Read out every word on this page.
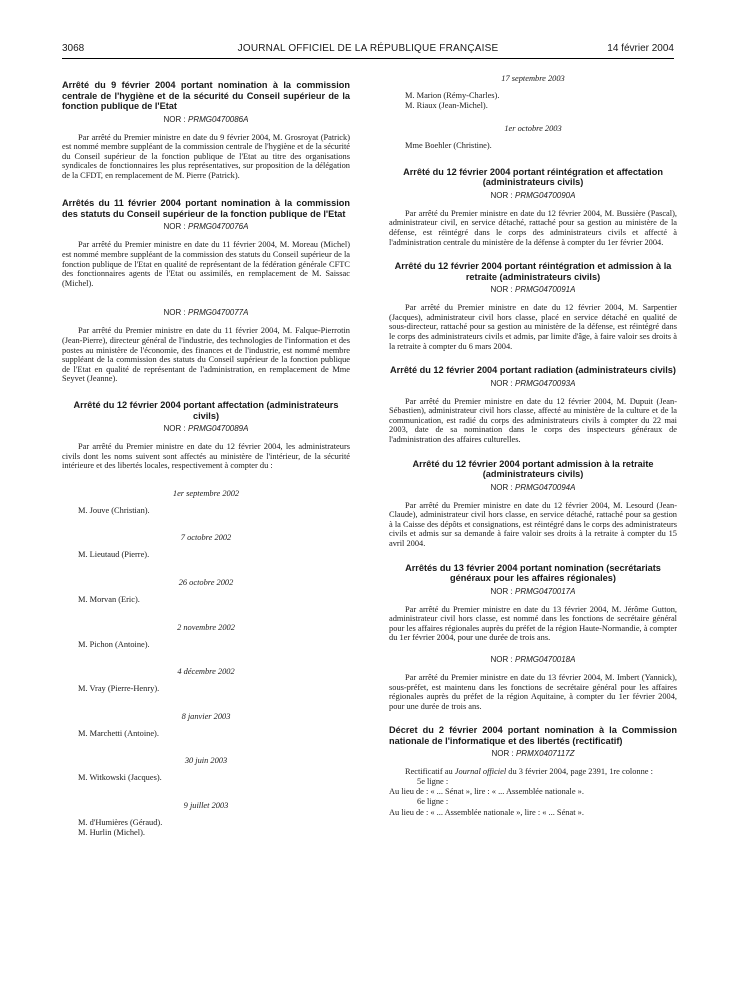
3068	JOURNAL OFFICIEL DE LA RÉPUBLIQUE FRANÇAISE	14 février 2004
Arrêté du 9 février 2004 portant nomination à la commission centrale de l'hygiène et de la sécurité du Conseil supérieur de la fonction publique de l'Etat
NOR : PRMG0470086A

Par arrêté du Premier ministre en date du 9 février 2004, M. Grosroyat (Patrick) est nommé membre suppléant de la commission centrale de l'hygiène et de la sécurité du Conseil supérieur de la fonction publique de l'Etat au titre des organisations syndicales de fonctionnaires les plus représentatives, sur proposition de la délégation de la CFDT, en remplacement de M. Pierre (Patrick).

Arrêtés du 11 février 2004 portant nomination à la commission des statuts du Conseil supérieur de la fonction publique de l'Etat
NOR : PRMG0470076A

Par arrêté du Premier ministre en date du 11 février 2004, M. Moreau (Michel) est nommé membre suppléant de la commission des statuts du Conseil supérieur de la fonction publique de l'Etat en qualité de représentant de la fédération générale CFTC des fonctionnaires agents de l'Etat ou assimilés, en remplacement de M. Saissac (Michel).

NOR : PRMG0470077A

Par arrêté du Premier ministre en date du 11 février 2004, M. Falque-Pierrotin (Jean-Pierre), directeur général de l'industrie, des technologies de l'information et des postes au ministère de l'économie, des finances et de l'industrie, est nommé membre suppléant de la commission des statuts du Conseil supérieur de la fonction publique de l'Etat en qualité de représentant de l'administration, en remplacement de Mme Seyvet (Jeanne).

Arrêté du 12 février 2004 portant affectation (administrateurs civils)
NOR : PRMG0470089A

Par arrêté du Premier ministre en date du 12 février 2004, les administrateurs civils dont les noms suivent sont affectés au ministère de l'intérieur, de la sécurité intérieure et des libertés locales, respectivement à compter du :

1er septembre 2002
M. Jouve (Christian).
7 octobre 2002
M. Lieutaud (Pierre).
26 octobre 2002
M. Morvan (Eric).
2 novembre 2002
M. Pichon (Antoine).
4 décembre 2002
M. Vray (Pierre-Henry).
8 janvier 2003
M. Marchetti (Antoine).
30 juin 2003
M. Witkowski (Jacques).
9 juillet 2003
M. d'Humières (Géraud).
M. Hurlin (Michel).
17 septembre 2003
M. Marion (Rémy-Charles).
M. Riaux (Jean-Michel).
1er octobre 2003
Mme Boehler (Christine).
Arrêté du 12 février 2004 portant réintégration et affectation (administrateurs civils)
NOR : PRMG0470090A

Par arrêté du Premier ministre en date du 12 février 2004, M. Bussière (Pascal), administrateur civil, en service détaché, rattaché pour sa gestion au ministère de la défense, est réintégré dans le corps des administrateurs civils et affecté à l'administration centrale du ministère de la défense à compter du 1er février 2004.

Arrêté du 12 février 2004 portant réintégration et admission à la retraite (administrateurs civils)
NOR : PRMG0470091A

Par arrêté du Premier ministre en date du 12 février 2004, M. Sarpentier (Jacques), administrateur civil hors classe, placé en service détaché en qualité de sous-directeur, rattaché pour sa gestion au ministère de la défense, est réintégré dans le corps des administrateurs civils et admis, par limite d'âge, à faire valoir ses droits à la retraite à compter du 6 mars 2004.

Arrêté du 12 février 2004 portant radiation (administrateurs civils)
NOR : PRMG0470093A

Par arrêté du Premier ministre en date du 12 février 2004, M. Dupuit (Jean-Sébastien), administrateur civil hors classe, affecté au ministère de la culture et de la communication, est radié du corps des administrateurs civils à compter du 22 mai 2003, date de sa nomination dans le corps des inspecteurs généraux de l'administration des affaires culturelles.

Arrêté du 12 février 2004 portant admission à la retraite (administrateurs civils)
NOR : PRMG0470094A

Par arrêté du Premier ministre en date du 12 février 2004, M. Lesourd (Jean-Claude), administrateur civil hors classe, en service détaché, rattaché pour sa gestion à la Caisse des dépôts et consignations, est réintégré dans le corps des administrateurs civils et admis sur sa demande à faire valoir ses droits à la retraite à compter du 15 avril 2004.

Arrêtés du 13 février 2004 portant nomination (secrétariats généraux pour les affaires régionales)
NOR : PRMG0470017A

Par arrêté du Premier ministre en date du 13 février 2004, M. Jérôme Gutton, administrateur civil hors classe, est nommé dans les fonctions de secrétaire général pour les affaires régionales auprès du préfet de la région Haute-Normandie, à compter du 1er février 2004, pour une durée de trois ans.

NOR : PRMG0470018A

Par arrêté du Premier ministre en date du 13 février 2004, M. Imbert (Yannick), sous-préfet, est maintenu dans les fonctions de secrétaire général pour les affaires régionales auprès du préfet de la région Aquitaine, à compter du 1er février 2004, pour une durée de trois ans.

Décret du 2 février 2004 portant nomination à la Commission nationale de l'informatique et des libertés (rectificatif)
NOR : PRMX0407117Z

Rectificatif au Journal officiel du 3 février 2004, page 2391, 1re colonne :

5e ligne :
Au lieu de : « ... Sénat », lire : « ... Assemblée nationale ».
6e ligne :
Au lieu de : « ... Assemblée nationale », lire : « ... Sénat ».
